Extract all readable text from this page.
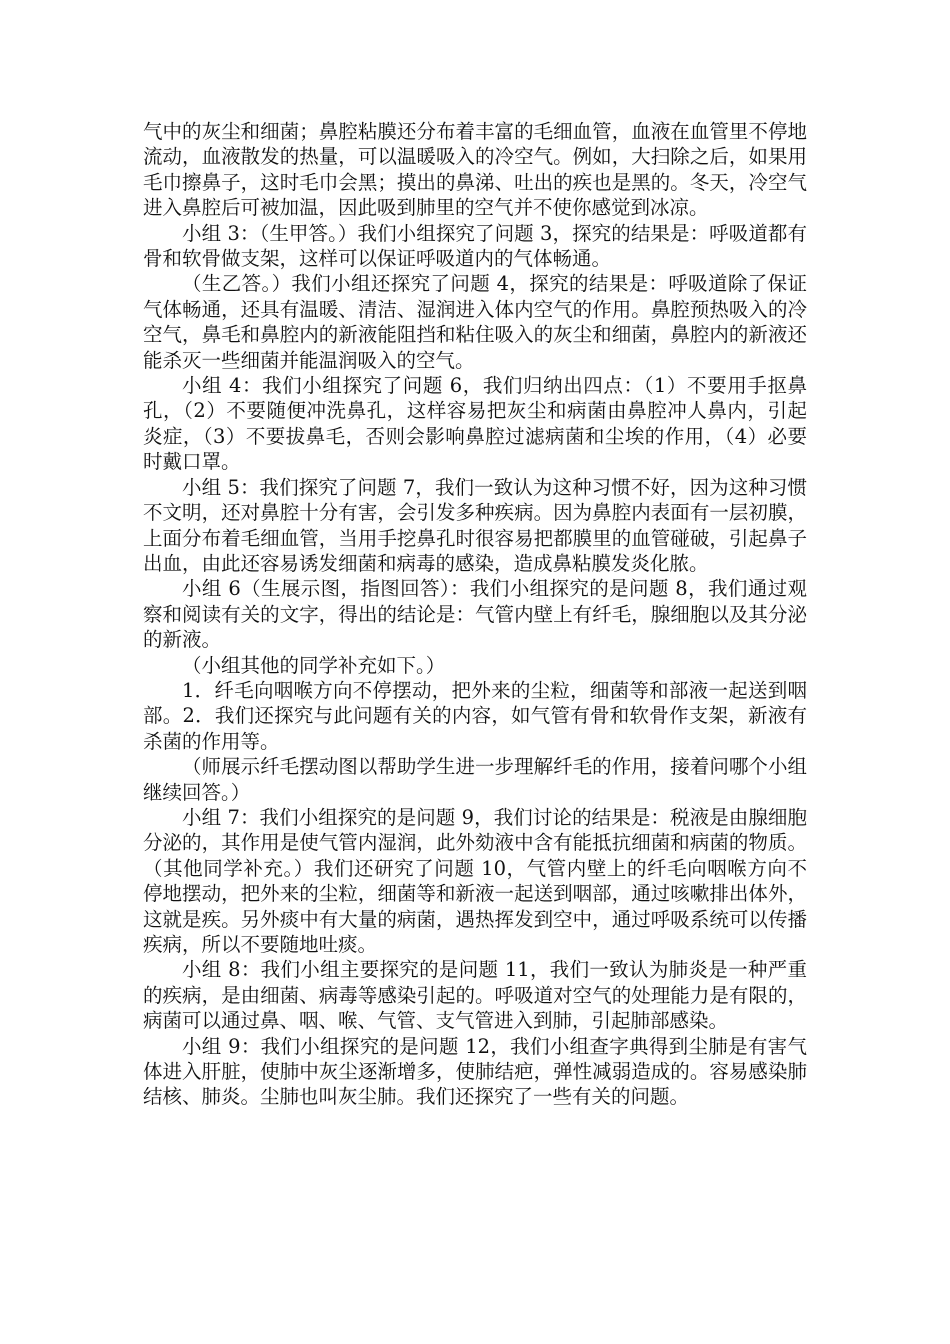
气中的灰尘和细菌；鼻腔粘膜还分布着丰富的毛细血管，血液在血管里不停地流动，血液散发的热量，可以温暖吸入的冷空气。例如，大扫除之后，如果用毛巾擦鼻子，这时毛巾会黑；摸出的鼻涕、吐出的疾也是黑的。冬天，冷空气进入鼻腔后可被加温，因此吸到肺里的空气并不使你感觉到冰凉。

小组 3：（生甲答。）我们小组探究了问题 3，探究的结果是：呼吸道都有骨和软骨做支架，这样可以保证呼吸道内的气体畅通。

（生乙答。）我们小组还探究了问题 4，探究的结果是：呼吸道除了保证气体畅通，还具有温暖、清洁、湿润进入体内空气的作用。鼻腔预热吸入的冷空气，鼻毛和鼻腔内的新液能阻挡和粘住吸入的灰尘和细菌，鼻腔内的新液还能杀灭一些细菌并能温润吸入的空气。

小组 4：我们小组探究了问题 6，我们归纳出四点：（1）不要用手抠鼻孔，（2）不要随便冲洗鼻孔，这样容易把灰尘和病菌由鼻腔冲人鼻内，引起炎症，（3）不要拔鼻毛，否则会影响鼻腔过滤病菌和尘埃的作用，（4）必要时戴口罩。

小组 5：我们探究了问题 7，我们一致认为这种习惯不好，因为这种习惯不文明，还对鼻腔十分有害，会引发多种疾病。因为鼻腔内表面有一层初膜，上面分布着毛细血管，当用手挖鼻孔时很容易把都膜里的血管碰破，引起鼻子出血，由此还容易诱发细菌和病毒的感染，造成鼻粘膜发炎化脓。

小组 6（生展示图，指图回答）：我们小组探究的是问题 8，我们通过观察和阅读有关的文字，得出的结论是：气管内壁上有纤毛，腺细胞以及其分泌的新液。

（小组其他的同学补充如下。）

1．纤毛向咽喉方向不停摆动，把外来的尘粒，细菌等和部液一起送到咽部。2．我们还探究与此问题有关的内容，如气管有骨和软骨作支架，新液有杀菌的作用等。

（师展示纤毛摆动图以帮助学生进一步理解纤毛的作用，接着问哪个小组继续回答。）

小组 7：我们小组探究的是问题 9，我们讨论的结果是：税液是由腺细胞分泌的，其作用是使气管内湿润，此外劾液中含有能抵抗细菌和病菌的物质。（其他同学补充。）我们还研究了问题 10，气管内壁上的纤毛向咽喉方向不停地摆动，把外来的尘粒，细菌等和新液一起送到咽部，通过咳嗽排出体外，这就是疾。另外痰中有大量的病菌，遇热挥发到空中，通过呼吸系统可以传播疾病，所以不要随地吐痰。

小组 8：我们小组主要探究的是问题 11，我们一致认为肺炎是一种严重的疾病，是由细菌、病毒等感染引起的。呼吸道对空气的处理能力是有限的，病菌可以通过鼻、咽、喉、气管、支气管进入到肺，引起肺部感染。

小组 9：我们小组探究的是问题 12，我们小组查字典得到尘肺是有害气体进入肝脏，使肺中灰尘逐渐增多，使肺结疤，弹性减弱造成的。容易感染肺结核、肺炎。尘肺也叫灰尘肺。我们还探究了一些有关的问题。
